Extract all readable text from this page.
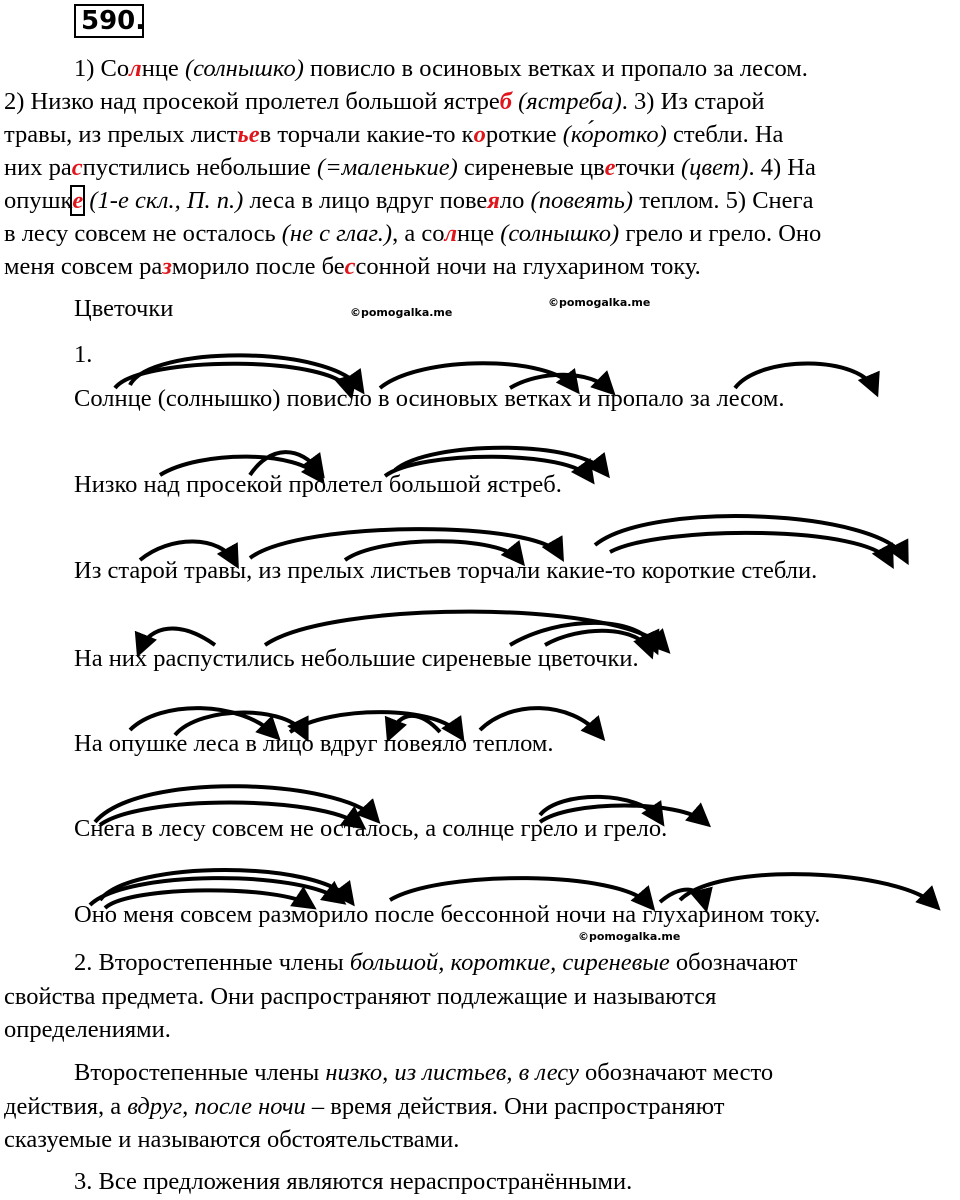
590.

1) Солнце (солнышко) повисло в осиновых ветках и пропало за лесом.

2) Низко над просекой пролетел большой ястреб (ястреба). 3) Из старой

травы, из прелых листьев торчали какие-то короткие (ко́ротко) стебли. На

них распустились небольшие (=маленькие) сиреневые цветочки (цвет). 4) На

опушке (1-е скл., П. п.) леса в лицо вдруг повеяло (повеять) теплом. 5) Снега

в лесу совсем не осталось (не с глаг.), а солнце (солнышко) грело и грело. Оно

меня совсем разморило после бессонной ночи на глухарином току.

Цветочки	©pomogalka.me
©pomogalka.me
1.
Солнце (солнышко) повисло в осиновых ветках и пропало за лесом.
Низко над просекой пролетел большой ястреб.
Из старой травы, из прелых листьев торчали какие-то короткие стебли.
На них распустились небольшие сиреневые цветочки.
На опушке леса в лицо вдруг повеяло теплом.
Снега в лесу совсем не осталось, а солнце грело и грело.
Оно меня совсем разморило после бессонной ночи на глухарином току.
©pomogalka.me

2. Второстепенные члены большой, короткие, сиреневые обозначают

свойства предмета. Они распространяют подлежащие и называются

определениями.

Второстепенные члены низко, из листьев, в лесу обозначают место

действия, а вдруг, после ночи – время действия. Они распространяют

сказуемые и называются обстоятельствами.

3. Все предложения являются нераспространёнными.
